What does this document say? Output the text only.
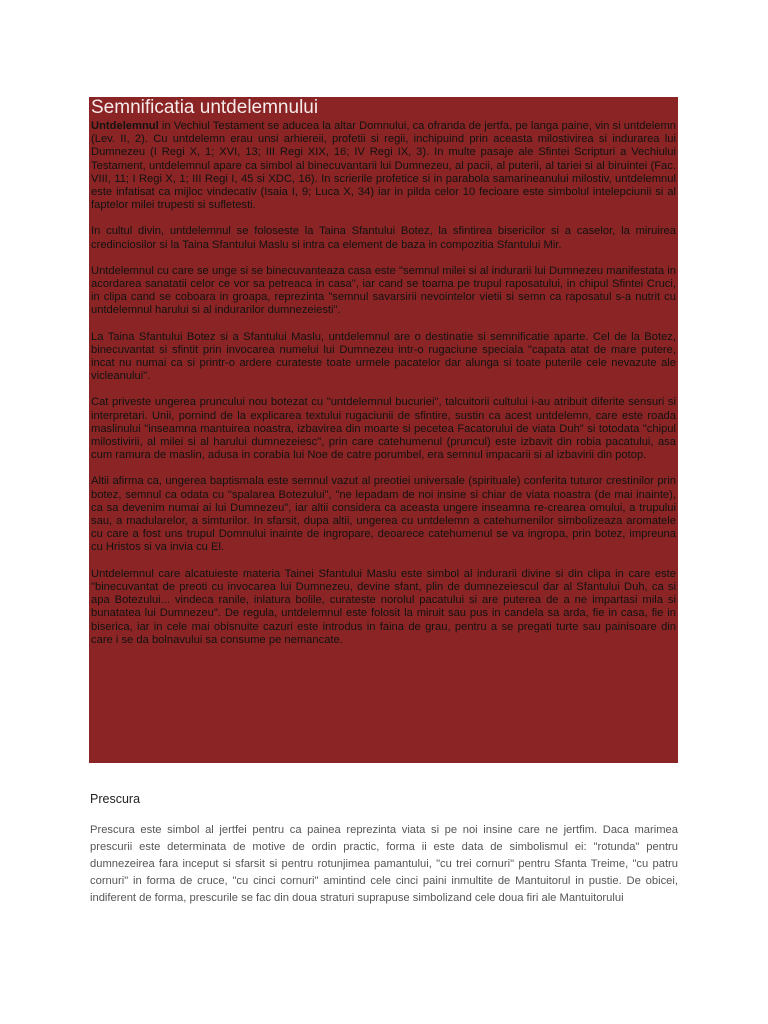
Semnificatia untdelemnului

Untdelemnul in Vechiul Testament se aducea la altar Domnului, ca ofranda de jertfa, pe langa paine, vin si untdelemn (Lev. II, 2). Cu untdelemn erau unsi arhiereii, profetii si regii, inchipuind prin aceasta milostivirea si indurarea lui Dumnezeu (I Regi X, 1; XVI, 13; III Regi XIX, 16; IV Regi IX, 3). In multe pasaje ale Sfintei Scripturi a Vechiului Testament, untdelemnul apare ca simbol al binecuvantarii lui Dumnezeu, al pacii, al puterii, al tariei si al biruintei (Fac. VIII, 11; I Regi X, 1; III Regi I, 45 si XDC, 16). In scrierile profetice si in parabola samarineanului milostiv, untdelemnul este infatisat ca mijloc vindecativ (Isaia I, 9; Luca X, 34) iar in pilda celor 10 fecioare este simbolul intelepciunii si al faptelor milei trupesti si sufletesti.

In cultul divin, untdelemnul se foloseste la Taina Sfantului Botez, la sfintirea bisericilor si a caselor, la miruirea credinciosilor si la Taina Sfantului Maslu si intra ca element de baza in compozitia Sfantului Mir.

Untdelemnul cu care se unge si se binecuvanteaza casa este "semnul milei si al indurarii lui Dumnezeu manifestata in acordarea sanatatii celor ce vor sa petreaca in casa", iar cand se toarna pe trupul raposatului, in chipul Sfintei Cruci, in clipa cand se coboara in groapa, reprezinta "semnul savarsirii nevointelor vietii si semn ca raposatul s-a nutrit cu untdelemnul harului si al indurarilor dumnezeiesti".

La Taina Sfantului Botez si a Sfantului Maslu, untdelemnul are o destinatie si semnificatie aparte. Cel de la Botez, binecuvantat si sfintit prin invocarea numelui lui Dumnezeu intr-o rugaciune speciala "capata atat de mare putere, incat nu numai ca si printr-o ardere curateste toate urmele pacatelor dar alunga si toate puterile cele nevazute ale vicleanului".

Cat priveste ungerea pruncului nou botezat cu "untdelemnul bucuriei", talcuitorii cultului i-au atribuit diferite sensuri si interpretari. Unii, pornind de la explicarea textului rugaciunii de sfintire, sustin ca acest untdelemn, care este roada maslinului "inseamna mantuirea noastra, izbavirea din moarte si pecetea Facatorului de viata Duh" si totodata "chipul milostivirii, al milei si al harului dumnezeiesc", prin care catehumenul (pruncul) este izbavit din robia pacatului, asa cum ramura de maslin, adusa in corabia lui Noe de catre porumbel, era semnul impacarii si al izbavirii din potop.

Altii afirma ca, ungerea baptismala este semnul vazut al preotiei universale (spirituale) conferita tuturor crestinilor prin botez, semnul ca odata cu "spalarea Botezului", "ne lepadam de noi insine si chiar de viata noastra (de mai inainte), ca sa devenim numai ai lui Dumnezeu", iar altii considera ca aceasta ungere inseamna re-crearea omului, a trupului sau, a madularelor, a simturilor. In sfarsit, dupa altii, ungerea cu untdelemn a catehumenilor simbolizeaza aromatele cu care a fost uns trupul Domnului inainte de ingropare, deoarece catehumenul se va ingropa, prin botez, impreuna cu Hristos si va invia cu El.

Untdelemnul care alcatuieste materia Tainei Sfantului Maslu este simbol al indurarii divine si din clipa in care este "binecuvantat de preoti cu invocarea lui Dumnezeu, devine sfant, plin de dumnezeiescul dar al Sfantului Duh, ca si apa Botezului... vindeca ranile, inlatura bolile, curateste norolul pacatului si are puterea de a ne impartasi mila si bunatatea lui Dumnezeu". De regula, untdelemnul este folosit la miruit sau pus in candela sa arda, fie in casa, fie in biserica, iar in cele mai obisnuite cazuri este introdus in faina de grau, pentru a se pregati turte sau painisoare din care i se da bolnavului sa consume pe nemancate.

Prescura

Prescura este simbol al jertfei pentru ca painea reprezinta viata si pe noi insine care ne jertfim. Daca marimea prescurii este determinata de motive de ordin practic, forma ii este data de simbolismul ei: "rotunda" pentru dumnezeirea fara inceput si sfarsit si pentru rotunjimea pamantului, "cu trei cornuri" pentru Sfanta Treime, "cu patru cornuri" in forma de cruce, "cu cinci cornuri" amintind cele cinci paini inmultite de Mantuitorul in pustie. De obicei, indiferent de forma, prescurile se fac din doua straturi suprapuse simbolizand cele doua firi ale Mantuitorului
